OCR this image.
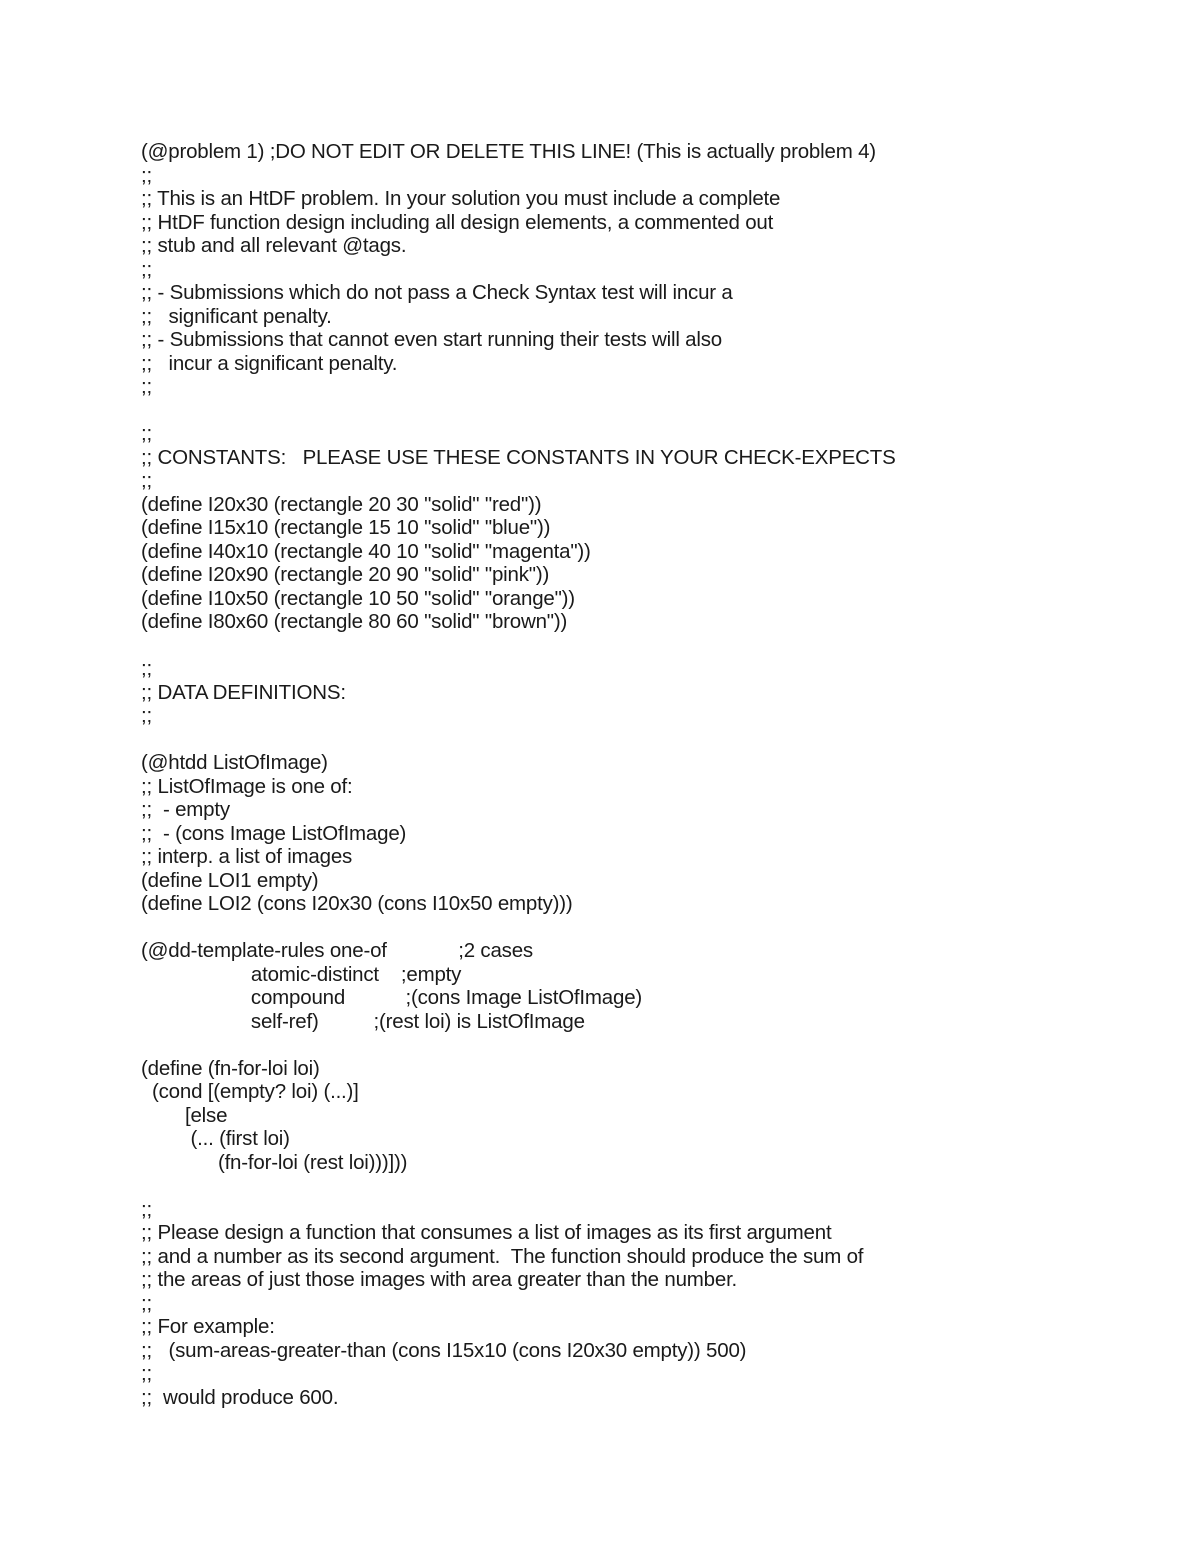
(@problem 1) ;DO NOT EDIT OR DELETE THIS LINE! (This is actually problem 4)
;;
;; This is an HtDF problem. In your solution you must include a complete
;; HtDF function design including all design elements, a commented out
;; stub and all relevant @tags.
;;
;; - Submissions which do not pass a Check Syntax test will incur a
;;   significant penalty.
;; - Submissions that cannot even start running their tests will also
;;   incur a significant penalty.
;;
;;
;; CONSTANTS:   PLEASE USE THESE CONSTANTS IN YOUR CHECK-EXPECTS
;;
(define I20x30 (rectangle 20 30 "solid" "red"))
(define I15x10 (rectangle 15 10 "solid" "blue"))
(define I40x10 (rectangle 40 10 "solid" "magenta"))
(define I20x90 (rectangle 20 90 "solid" "pink"))
(define I10x50 (rectangle 10 50 "solid" "orange"))
(define I80x60 (rectangle 80 60 "solid" "brown"))
;;
;; DATA DEFINITIONS:
;;
(@htdd ListOfImage)
;; ListOfImage is one of:
;;  - empty
;;  - (cons Image ListOfImage)
;; interp. a list of images
(define LOI1 empty)
(define LOI2 (cons I20x30 (cons I10x50 empty)))
(@dd-template-rules one-of             ;2 cases
atomic-distinct    ;empty
compound           ;(cons Image ListOfImage)
self-ref)          ;(rest loi) is ListOfImage
(define (fn-for-loi loi)
(cond [(empty? loi) (...)]
[else
(... (first loi)
(fn-for-loi (rest loi)))]))
;;
;; Please design a function that consumes a list of images as its first argument
;; and a number as its second argument.  The function should produce the sum of
;; the areas of just those images with area greater than the number.
;;
;; For example:
;;   (sum-areas-greater-than (cons I15x10 (cons I20x30 empty)) 500)
;;
;;  would produce 600.
